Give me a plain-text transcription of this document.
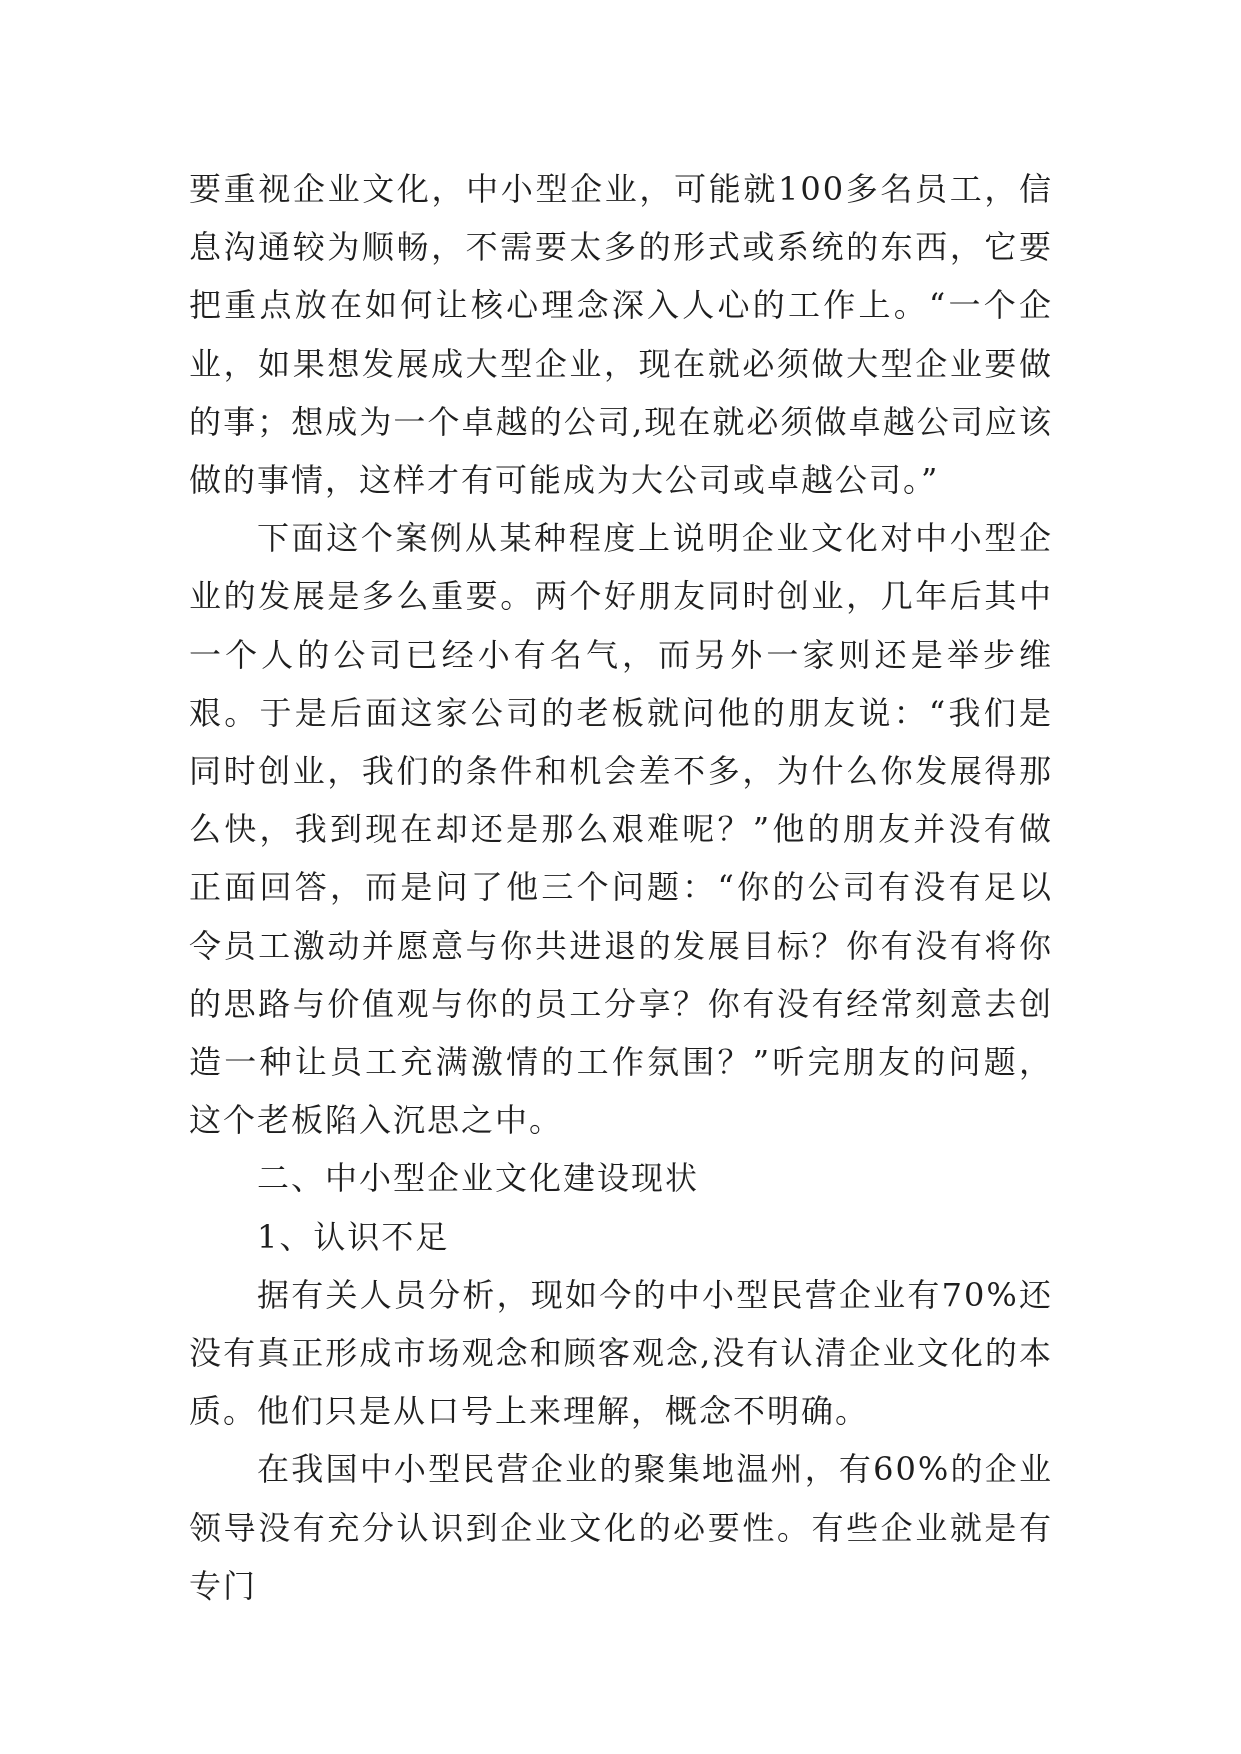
要重视企业文化，中小型企业，可能就100多名员工，信息沟通较为顺畅，不需要太多的形式或系统的东西，它要把重点放在如何让核心理念深入人心的工作上。“一个企业，如果想发展成大型企业，现在就必须做大型企业要做的事；想成为一个卓越的公司,现在就必须做卓越公司应该做的事情，这样才有可能成为大公司或卓越公司。”

下面这个案例从某种程度上说明企业文化对中小型企业的发展是多么重要。两个好朋友同时创业，几年后其中一个人的公司已经小有名气，而另外一家则还是举步维艰。于是后面这家公司的老板就问他的朋友说：“我们是同时创业，我们的条件和机会差不多，为什么你发展得那么快，我到现在却还是那么艰难呢？”他的朋友并没有做正面回答，而是问了他三个问题：“你的公司有没有足以令员工激动并愿意与你共进退的发展目标？你有没有将你的思路与价值观与你的员工分享？你有没有经常刻意去创造一种让员工充满激情的工作氛围？”听完朋友的问题，这个老板陷入沉思之中。

二、中小型企业文化建设现状

1、认识不足

据有关人员分析，现如今的中小型民营企业有70%还没有真正形成市场观念和顾客观念,没有认清企业文化的本质。他们只是从口号上来理解，概念不明确。

在我国中小型民营企业的聚集地温州，有60%的企业领导没有充分认识到企业文化的必要性。有些企业就是有专门
